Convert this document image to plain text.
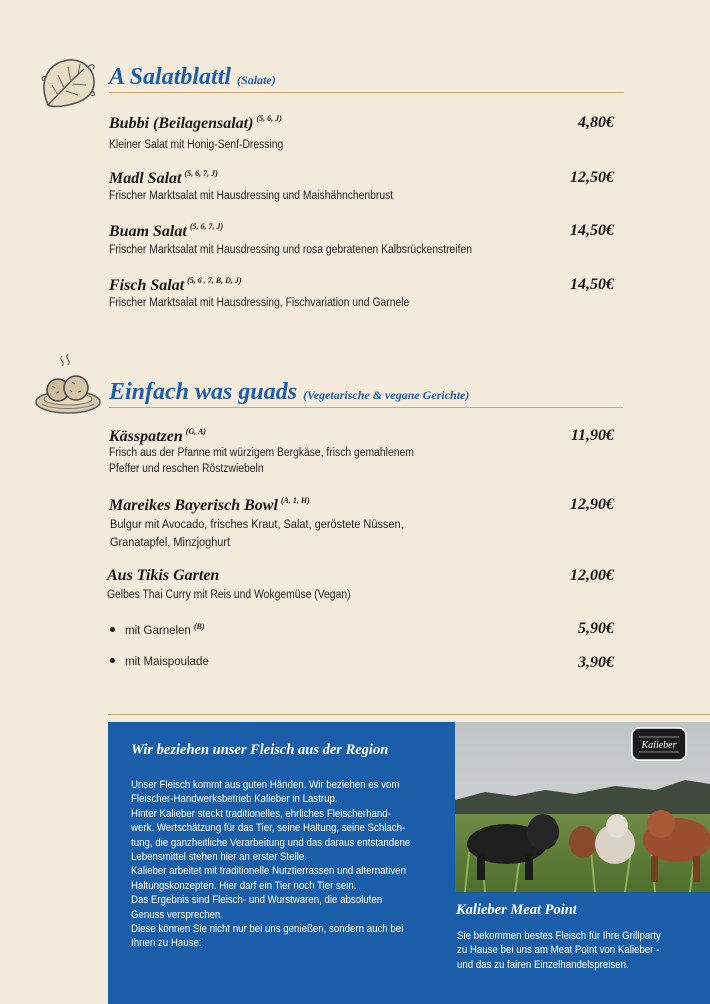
A Salatblattl (Salate)
Bubbi (Beilagensalat) $^{(5, 6, J)}$	4,80€
Kleiner Salat mit Honig-Senf-Dressing
Madl Salat $^{(5, 6, 7, J)}$	12,50€
Frischer Marktsalat mit Hausdressing und Maishähnchenbrust
Buam Salat $^{(5, 6, 7, J)}$	14,50€
Frischer Marktsalat mit Hausdressing und rosa gebratenen Kalbsrückenstreifen
Fisch Salat $^{(5, 6 , 7, B, D, J)}$	14,50€
Frischer Marktsalat mit Hausdressing, Fischvariation und Garnele
Einfach was guads (Vegetarische & vegane Gerichte)
Kässpatzen $^{(G, A)}$	11,90€
Frisch aus der Pfanne mit würzigem Bergkäse, frisch gemahlenem
Pfeffer und reschen Röstzwiebeln
Mareikes Bayerisch Bowl $^{(A, 1, H)}$	12,90€
Bulgur mit Avocado, frisches Kraut, Salat, geröstete Nüssen,
Granatapfel, Minzjoghurt
Aus Tikis Garten	12,00€
Gelbes Thai Curry mit Reis und Wokgemüse (Vegan)
mit Garnelen $^{(B)}$	5,90€
mit Maispoulade	3,90€
Wir beziehen unser Fleisch aus der Region
Unser Fleisch kommt aus guten Händen. Wir beziehen es vom
Fleischer-Handwerksbetrieb Kalieber in Lastrup.
Hinter Kalieber steckt traditionelles, ehrliches Fleischerhand-
werk. Wertschätzung für das Tier, seine Haltung, seine Schlach-
tung, die ganzheitliche Verarbeitung und das daraus entstandene
Lebensmittel stehen hier an erster Stelle.
Kalieber arbeitet mit traditionelle Nutztierrassen und alternativen
Haltungskonzepten. Hier darf ein Tier noch Tier sein.
Das Ergebnis sind Fleisch- und Wurstwaren, die absoluten
Genuss versprechen.
Diese können Sie nicht nur bei uns genießen, sondern auch bei
Ihnen zu Hause:
Kalieber
Kalieber Meat Point
Sie bekommen bestes Fleisch für Ihre Grillparty
zu Hause bei uns am Meat Point von Kalieber -
und das zu fairen Einzelhandelspreisen.
